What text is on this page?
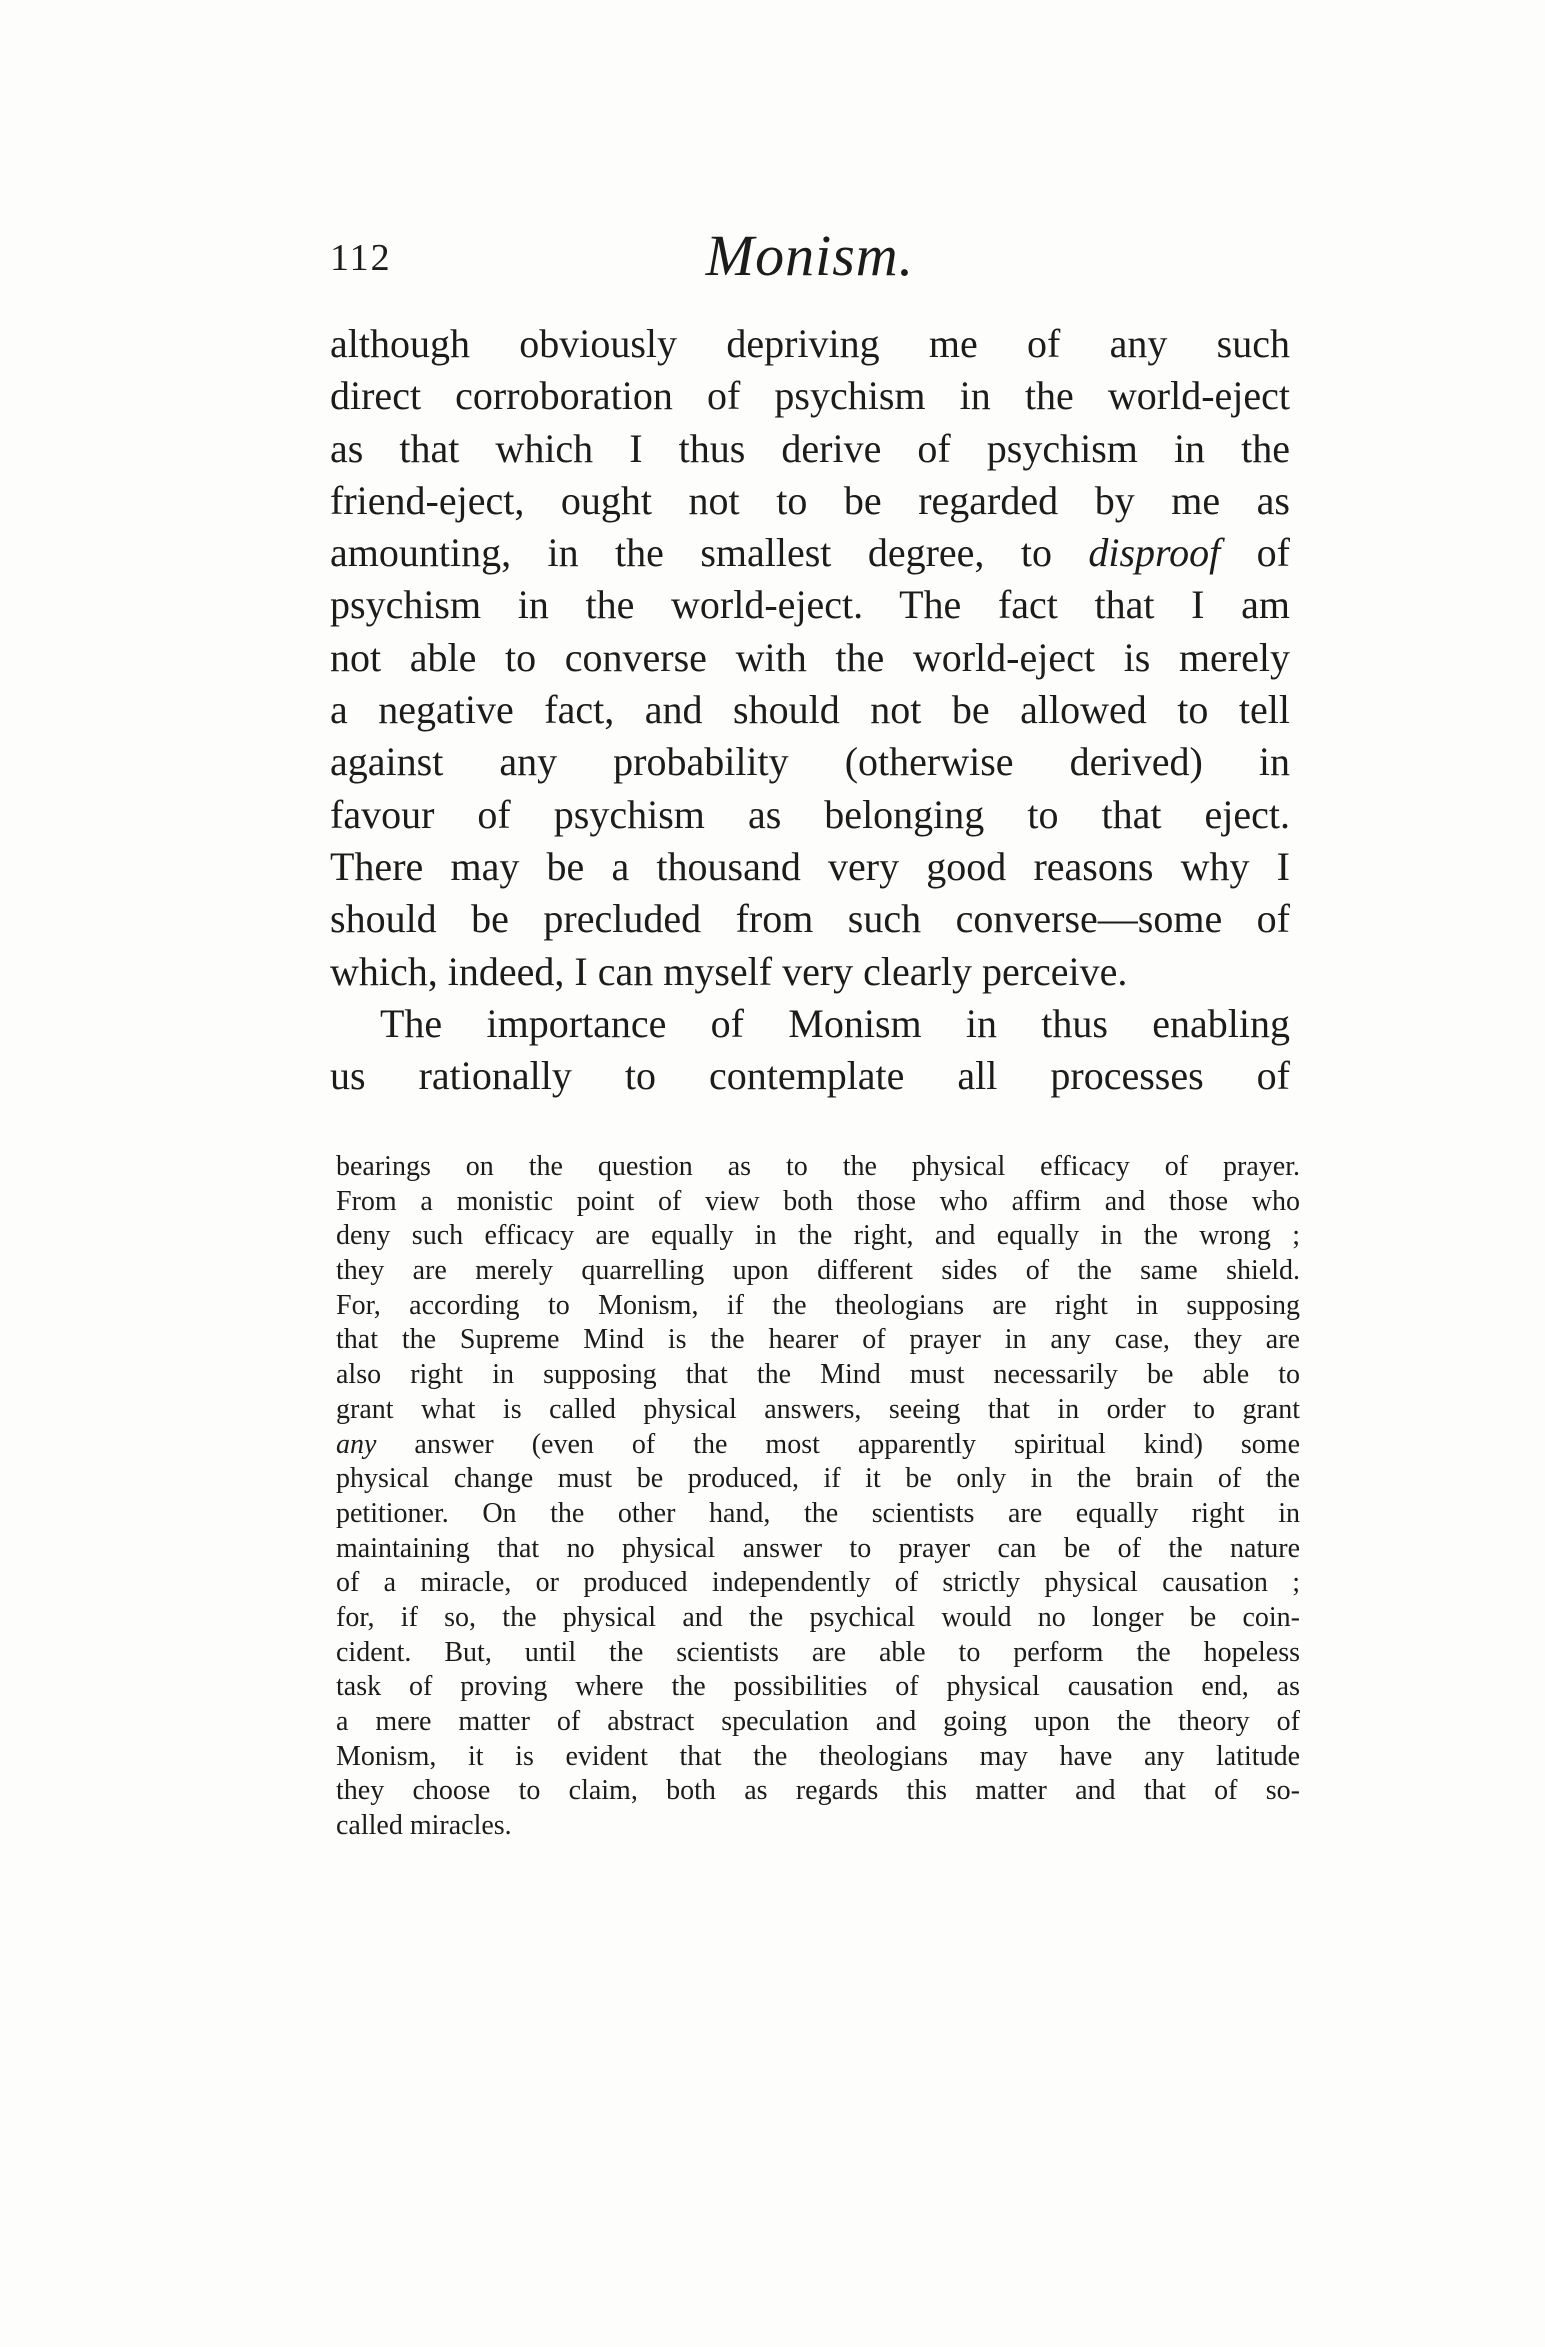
112	Monism.
although obviously depriving me of any such
direct corroboration of psychism in the world-eject
as that which I thus derive of psychism in the
friend-eject, ought not to be regarded by me as
amounting, in the smallest degree, to disproof of
psychism in the world-eject. The fact that I am
not able to converse with the world-eject is merely
a negative fact, and should not be allowed to tell
against any probability (otherwise derived) in
favour of psychism as belonging to that eject.
There may be a thousand very good reasons why I
should be precluded from such converse—some of
which, indeed, I can myself very clearly perceive.
The importance of Monism in thus enabling
us rationally to contemplate all processes of
bearings on the question as to the physical efficacy of prayer.
From a monistic point of view both those who affirm and those who
deny such efficacy are equally in the right, and equally in the wrong ;
they are merely quarrelling upon different sides of the same shield.
For, according to Monism, if the theologians are right in supposing
that the Supreme Mind is the hearer of prayer in any case, they are
also right in supposing that the Mind must necessarily be able to
grant what is called physical answers, seeing that in order to grant
any answer (even of the most apparently spiritual kind) some
physical change must be produced, if it be only in the brain of the
petitioner. On the other hand, the scientists are equally right in
maintaining that no physical answer to prayer can be of the nature
of a miracle, or produced independently of strictly physical causation ;
for, if so, the physical and the psychical would no longer be coin-
cident. But, until the scientists are able to perform the hopeless
task of proving where the possibilities of physical causation end, as
a mere matter of abstract speculation and going upon the theory of
Monism, it is evident that the theologians may have any latitude
they choose to claim, both as regards this matter and that of so-
called miracles.
